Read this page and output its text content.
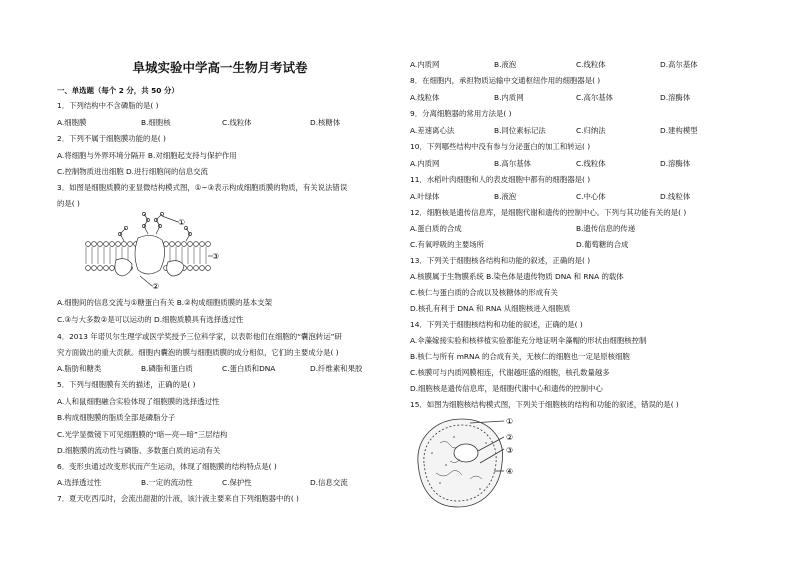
阜城实验中学高一生物月考试卷
一、单选题（每个 2 分，共 50 分）
1．下列结构中不含磷脂的是( )
A.细胞膜	B.细胞核	C.线粒体	D.核糖体
2．下列不属于细胞膜功能的是( )
A.将细胞与外界环境分隔开 B.对细胞起支持与保护作用
C.控制物质进出细胞 D.进行细胞间的信息交流
3．如图是细胞质膜的亚显微结构模式图，①~③表示构成细胞质膜的物质，有关说法错误
的是( )
①
②
③
A.细胞间的信息交流与①糖蛋白有关 B.②构成细胞质膜的基本支架
C.③与大多数②是可以运动的 D.细胞质膜具有选择透过性
4．2013 年诺贝尔生理学或医学奖授予三位科学家，以表彰他们在细胞的“囊泡转运”研
究方面做出的重大贡献。细胞内囊泡的膜与细胞质膜的成分相似，它们的主要成分是( )
A.脂肪和糖类	B.磷脂和蛋白质	C.蛋白质和DNA	D.纤维素和果胶
5．下列与细胞膜有关的描述，正确的是( )
A.人和鼠细胞融合实验体现了细胞膜的选择透过性
B.构成细胞膜的脂质全部是磷脂分子
C.光学显微镜下可见细胞膜的“暗—亮—暗”三层结构
D.细胞膜的流动性与磷脂、多数蛋白质的运动有关
6．变形虫通过改变形状而产生运动，体现了细胞膜的结构特点是( )
A.选择透过性	B.一定的流动性	C.保护性	D.信息交流
7．夏天吃西瓜时，会流出甜甜的汁液，该汁液主要来自下列细胞器中的( )
A.内质网	B.液泡	C.线粒体	D.高尔基体
8．在细胞内，承担物质运输中交通枢纽作用的细胞器是( )
A.线粒体	B.内质网	C.高尔基体	D.溶酶体
9．分离细胞器的常用方法是( )
A.差速离心法	B.同位素标记法	C.归纳法	D.建构模型
10．下列哪些结构中没有参与分泌蛋白的加工和转运( )
A.内质网	B.高尔基体	C.线粒体	D.溶酶体
11．水稻叶肉细胞和人的表皮细胞中都有的细胞器是( )
A.叶绿体	B.液泡	C.中心体	D.线粒体
12．细胞核是遗传信息库，是细胞代谢和遗传的控制中心。下列与其功能有关的是( )
A.蛋白质的合成	B.遗传信息的传递
C.有氧呼吸的主要场所	D.葡萄糖的合成
13．下列关于细胞核各结构和功能的叙述，正确的是( )
A.核膜属于生物膜系统 B.染色体是遗传物质 DNA 和 RNA 的载体
C.核仁与蛋白质的合成以及核糖体的形成有关
D.核孔有利于 DNA 和 RNA 从细胞核进入细胞质
14．下列关于细胞核结构和功能的叙述，正确的是( )
A.伞藻嫁接实验和核移植实验都能充分地证明伞藻帽的形状由细胞核控制
B.核仁与所有 mRNA 的合成有关，无核仁的细胞也一定是原核细胞
C.核膜可与内质网膜相连，代谢越旺盛的细胞，核孔数量越多
D.细胞核是遗传信息库，是细胞代谢中心和遗传的控制中心
15．如图为细胞核结构模式图，下列关于细胞核的结构和功能的叙述，错误的是( )
①
②
③
④
